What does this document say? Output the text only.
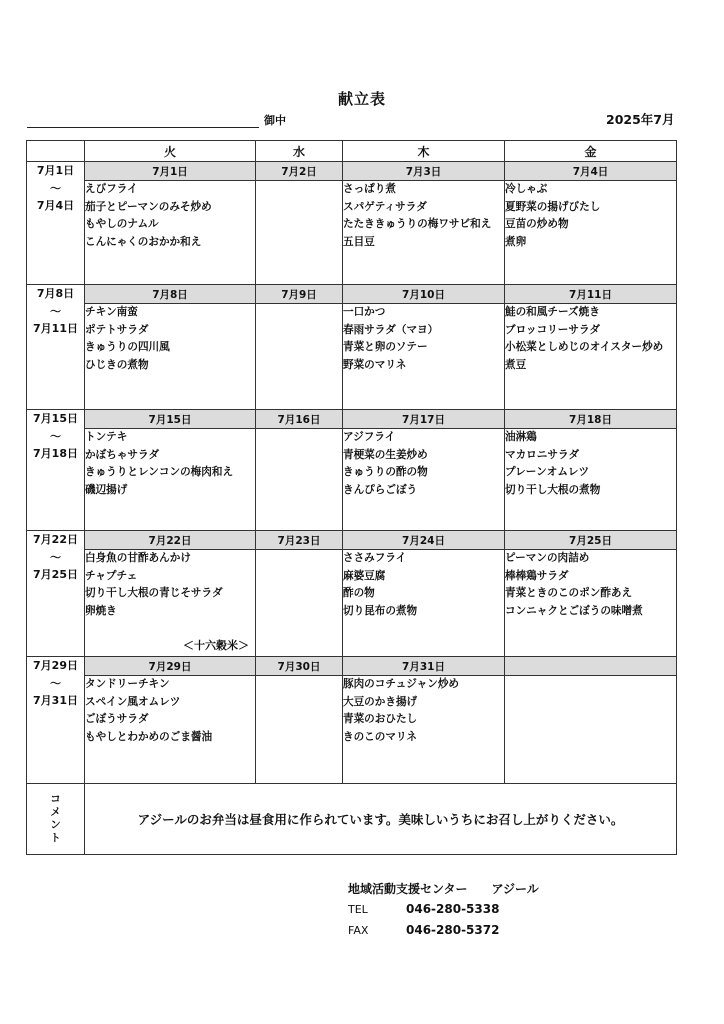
献立表
御中	2025年7月
	火	水	木	金

7月1日
〜
7月4日	7月1日	7月2日	7月3日	7月4日

	えびフライ
茄子とピーマンのみそ炒め
もやしのナムル
こんにゃくのおかか和え		さっぱり煮
スパゲティサラダ
たたききゅうりの梅ワサビ和え
五目豆	冷しゃぶ
夏野菜の揚げびたし
豆苗の炒め物
煮卵

7月8日
〜
7月11日	7月8日	7月9日	7月10日	7月11日

	チキン南蛮
ポテトサラダ
きゅうりの四川風
ひじきの煮物		一口かつ
春雨サラダ（マヨ）
青菜と卵のソテー
野菜のマリネ	鮭の和風チーズ焼き
ブロッコリーサラダ
小松菜としめじのオイスター炒め
煮豆

7月15日
〜
7月18日	7月15日	7月16日	7月17日	7月18日

	トンテキ
かぼちゃサラダ
きゅうりとレンコンの梅肉和え
磯辺揚げ		アジフライ
青梗菜の生姜炒め
きゅうりの酢の物
きんぴらごぼう	油淋鶏
マカロニサラダ
プレーンオムレツ
切り干し大根の煮物

7月22日
〜
7月25日	7月22日	7月23日	7月24日	7月25日

	白身魚の甘酢あんかけ
チャプチェ
切り干し大根の青じそサラダ
卵焼き
＜十六穀米＞		ささみフライ
麻婆豆腐
酢の物
切り昆布の煮物	ピーマンの肉詰め
棒棒鶏サラダ
青菜ときのこのポン酢あえ
コンニャクとごぼうの味噌煮

7月29日
〜
7月31日	7月29日	7月30日	7月31日	

	タンドリーチキン
スペイン風オムレツ
ごぼうサラダ
もやしとわかめのごま醤油		豚肉のコチュジャン炒め
大豆のかき揚げ
青菜のおひたし
きのこのマリネ	

コ
メ
ン
ト	アジールのお弁当は昼食用に作られています。美味しいうちにお召し上がりください。			
地域活動支援センター　　アジール
TEL	046-280-5338
FAX	046-280-5372
